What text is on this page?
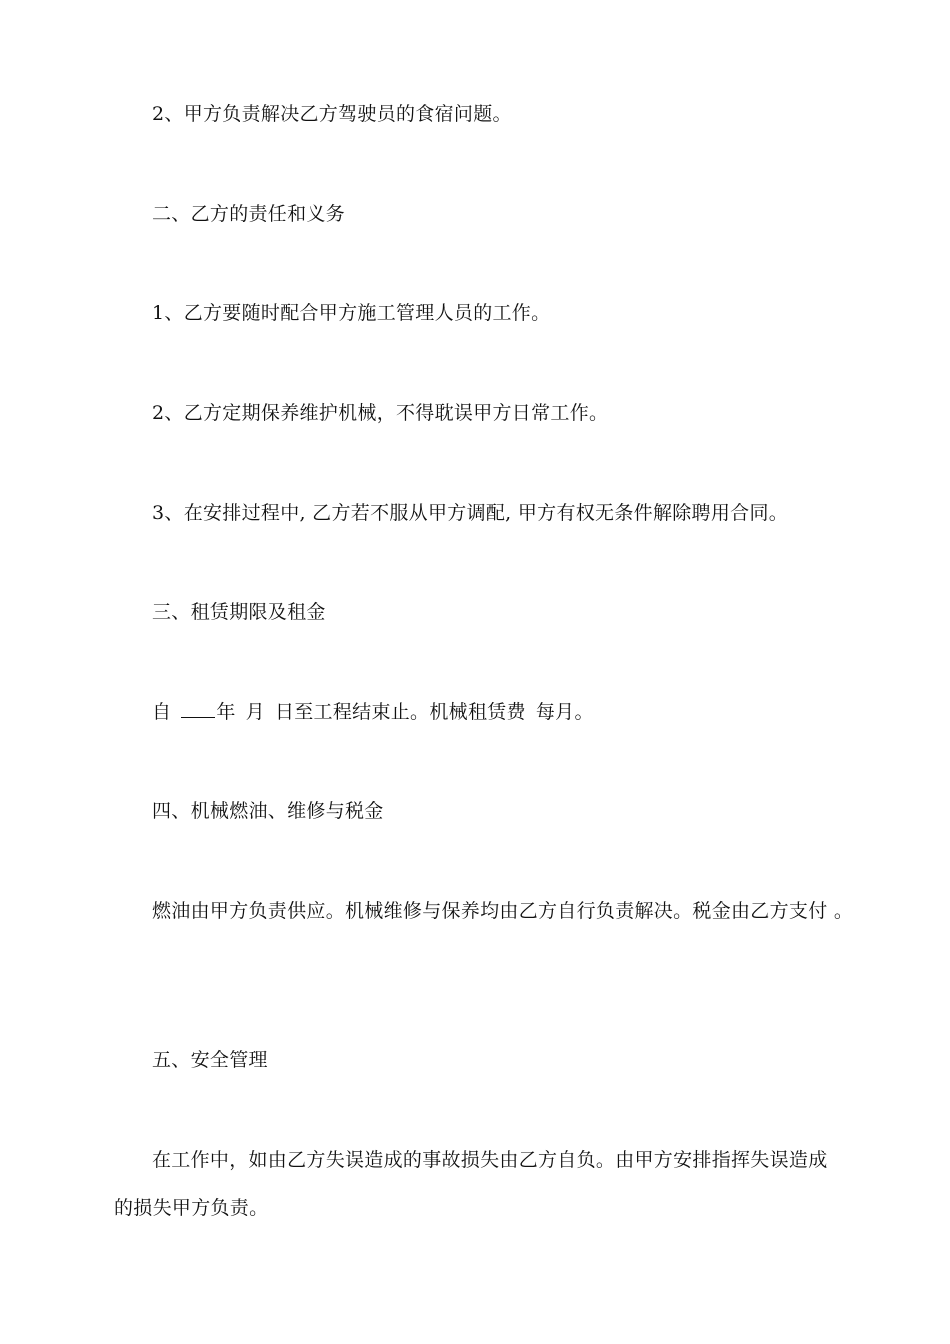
2、甲方负责解决乙方驾驶员的食宿问题。

二、乙方的责任和义务

1、乙方要随时配合甲方施工管理人员的工作。

2、乙方定期保养维护机械，不得耽误甲方日常工作。

3、在安排过程中, 乙方若不服从甲方调配, 甲方有权无条件解除聘用合同。

三、租赁期限及租金

自 年 月 日至工程结束止。机械租赁费 每月。

四、机械燃油、维修与税金

燃油由甲方负责供应。机械维修与保养均由乙方自行负责解决。税金由乙方支付 。

五、安全管理

在工作中，如由乙方失误造成的事故损失由乙方自负。由甲方安排指挥失误造成

的损失甲方负责。
